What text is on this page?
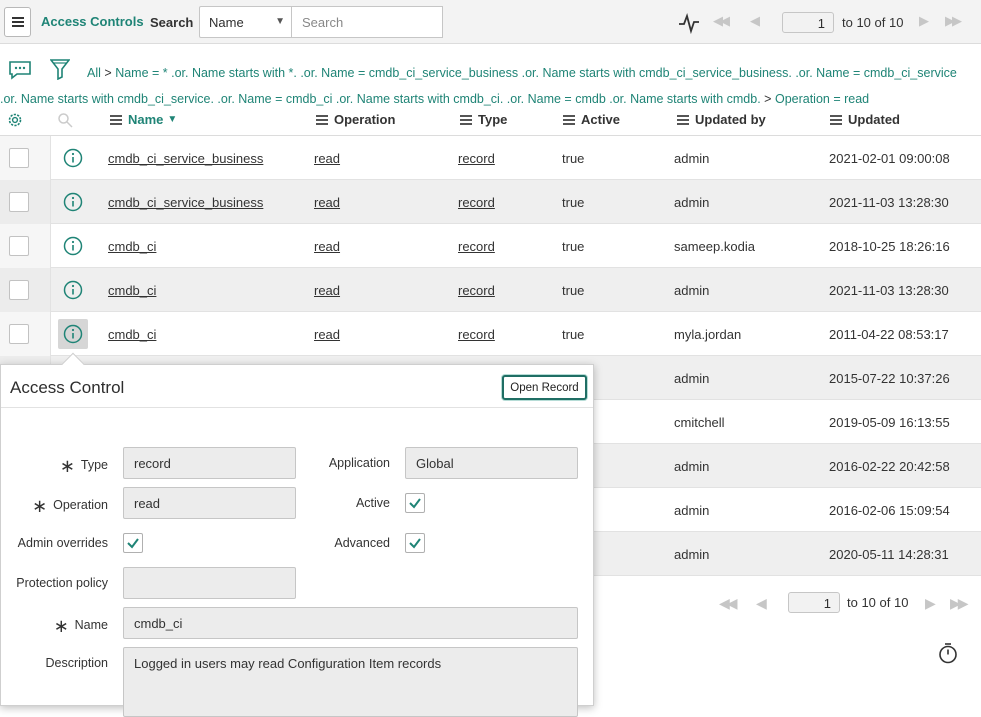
Access Controls Search	Name	▼	Search	◀◀ ◀	1	to 10 of 10 ▶ ▶▶
All > Name = * .or. Name starts with *. .or. Name = cmdb_ci_service_business .or. Name starts with cmdb_ci_service_business. .or. Name = cmdb_ci_service .or. Name starts with cmdb_ci_service. .or. Name = cmdb_ci .or. Name starts with cmdb_ci. .or. Name = cmdb .or. Name starts with cmdb. > Operation = read
Name ▼	Operation	Type	Active	Updated by	Updated
cmdb_ci_service_business	read	record	true	admin	2021-02-01 09:00:08
cmdb_ci_service_business	read	record	true	admin	2021-11-03 13:28:30
cmdb_ci	read	record	true	sameep.kodia	2018-10-25 18:26:16
cmdb_ci	read	record	true	admin	2021-11-03 13:28:30
cmdb_ci	read	record	true	myla.jordan	2011-04-22 08:53:17
admin	2015-07-22 10:37:26
cmitchell	2019-05-09 16:13:55
admin	2016-02-22 20:42:58
admin	2016-02-06 15:09:54
admin	2020-05-11 14:28:31
Access Control	Open Record
∗ Type	record	Application	Global
∗ Operation	read	Active
Admin overrides	Advanced
Protection policy
∗ Name	cmdb_ci
Description	Logged in users may read Configuration Item records
◀◀ ◀	1	to 10 of 10 ▶ ▶▶
